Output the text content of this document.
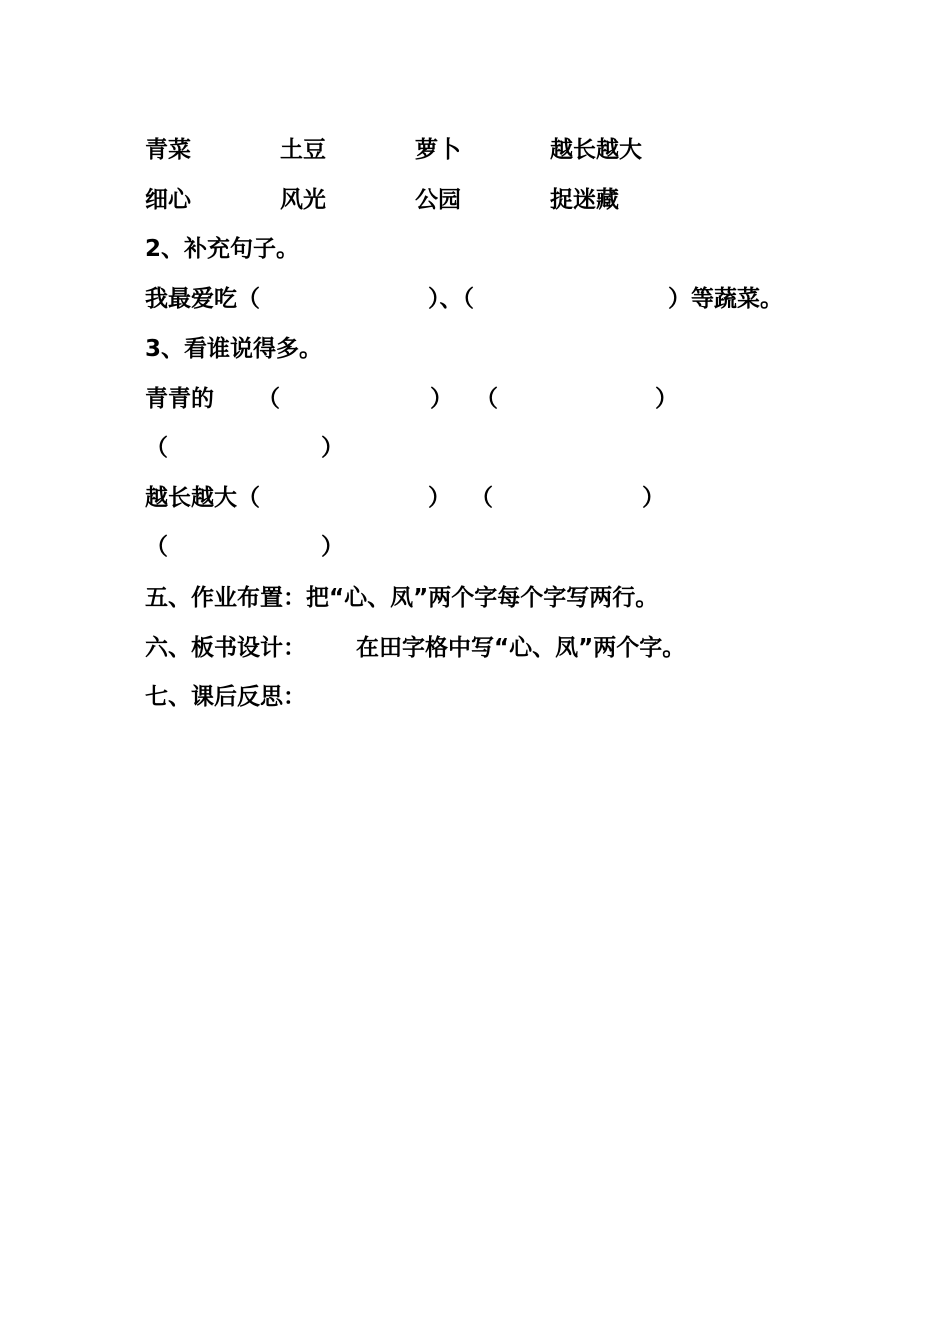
青菜	土豆	萝卜	越长越大
细心	风光	公园	捉迷藏
2、补充句子。
我最爱吃（	）、（	）等蔬菜。
3、看谁说得多。
青青的 （	） （	）
（	）
越长越大（	） （	）
（	）
五、作业布置：把“心、凤”两个字每个字写两行。
六、板书设计： 在田字格中写“心、凤”两个字。
七、课后反思：
